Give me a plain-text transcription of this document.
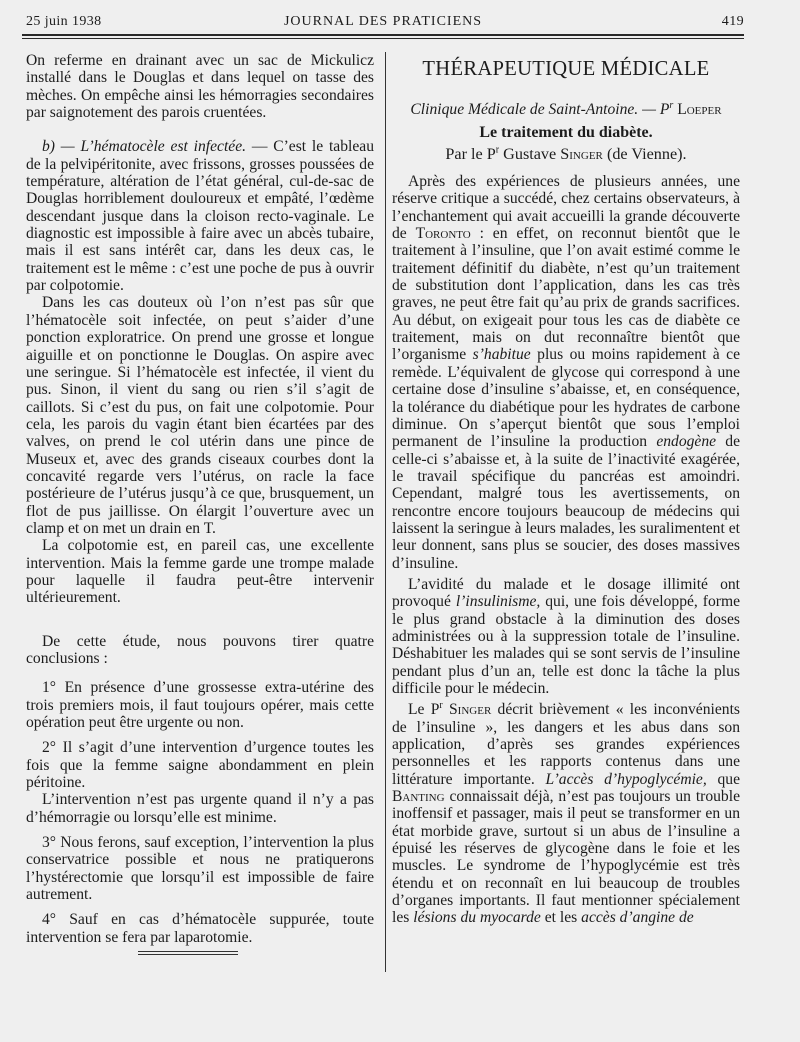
25 juin 1938	JOURNAL DES PRATICIENS	419

On referme en drainant avec un sac de Mickulicz installé dans le Douglas et dans lequel on tasse des mèches. On empêche ainsi les hémorragies secondaires par saignotement des parois cruentées.

b) — L’hématocèle est infectée. — C’est le tableau de la pelvipéritonite, avec frissons, grosses poussées de température, altération de l’état général, cul-de-sac de Douglas horriblement douloureux et empâté, l’œdème descendant jusque dans la cloison recto-vaginale. Le diagnostic est impossible à faire avec un abcès tubaire, mais il est sans intérêt car, dans les deux cas, le traitement est le même : c’est une poche de pus à ouvrir par colpotomie.

Dans les cas douteux où l’on n’est pas sûr que l’hématocèle soit infectée, on peut s’aider d’une ponction exploratrice. On prend une grosse et longue aiguille et on ponctionne le Douglas. On aspire avec une seringue. Si l’hématocèle est infectée, il vient du pus. Sinon, il vient du sang ou rien s’il s’agit de caillots. Si c’est du pus, on fait une colpotomie. Pour cela, les parois du vagin étant bien écartées par des valves, on prend le col utérin dans une pince de Museux et, avec des grands ciseaux courbes dont la concavité regarde vers l’utérus, on racle la face postérieure de l’utérus jusqu’à ce que, brusquement, un flot de pus jaillisse. On élargit l’ouverture avec un clamp et on met un drain en T.

La colpotomie est, en pareil cas, une excellente intervention. Mais la femme garde une trompe malade pour laquelle il faudra peut-être intervenir ultérieurement.

De cette étude, nous pouvons tirer quatre conclusions :

1° En présence d’une grossesse extra-utérine des trois premiers mois, il faut toujours opérer, mais cette opération peut être urgente ou non.

2° Il s’agit d’une intervention d’urgence toutes les fois que la femme saigne abondamment en plein péritoine.

L’intervention n’est pas urgente quand il n’y a pas d’hémorragie ou lorsqu’elle est minime.

3° Nous ferons, sauf exception, l’intervention la plus conservatrice possible et nous ne pratiquerons l’hystérectomie que lorsqu’il est impossible de faire autrement.

4° Sauf en cas d’hématocèle suppurée, toute intervention se fera par laparotomie.

THÉRAPEUTIQUE MÉDICALE
Clinique Médicale de Saint-Antoine. — $P^r$ Loeper
Le traitement du diabète.
Par le $P^r$ Gustave Singer (de Vienne).

Après des expériences de plusieurs années, une réserve critique a succédé, chez certains observateurs, à l’enchantement qui avait accueilli la grande découverte de Toronto : en effet, on reconnut bientôt que le traitement à l’insuline, que l’on avait estimé comme le traitement définitif du diabète, n’est qu’un traitement de substitution dont l’application, dans les cas très graves, ne peut être fait qu’au prix de grands sacrifices. Au début, on exigeait pour tous les cas de diabète ce traitement, mais on dut reconnaître bientôt que l’organisme s’habitue plus ou moins rapidement à ce remède. L’équivalent de glycose qui correspond à une certaine dose d’insuline s’abaisse, et, en conséquence, la tolérance du diabétique pour les hydrates de carbone diminue. On s’aperçut bientôt que sous l’emploi permanent de l’insuline la production endogène de celle-ci s’abaisse et, à la suite de l’inactivité exagérée, le travail spécifique du pancréas est amoindri. Cependant, malgré tous les avertissements, on rencontre encore toujours beaucoup de médecins qui laissent la seringue à leurs malades, les suralimentent et leur donnent, sans plus se soucier, des doses massives d’insuline.

L’avidité du malade et le dosage illimité ont provoqué l’insulinisme, qui, une fois développé, forme le plus grand obstacle à la diminution des doses administrées ou à la suppression totale de l’insuline. Déshabituer les malades qui se sont servis de l’insuline pendant plus d’un an, telle est donc la tâche la plus difficile pour le médecin.

Le $P^r$ Singer décrit brièvement « les inconvénients de l’insuline », les dangers et les abus dans son application, d’après ses grandes expériences personnelles et les rapports contenus dans une littérature importante. L’accès d’hypoglycémie, que Banting connaissait déjà, n’est pas toujours un trouble inoffensif et passager, mais il peut se transformer en un état morbide grave, surtout si un abus de l’insuline a épuisé les réserves de glycogène dans le foie et les muscles. Le syndrome de l’hypoglycémie est très étendu et on reconnaît en lui beaucoup de troubles d’organes importants. Il faut mentionner spécialement les lésions du myocarde et les accès d’angine de
